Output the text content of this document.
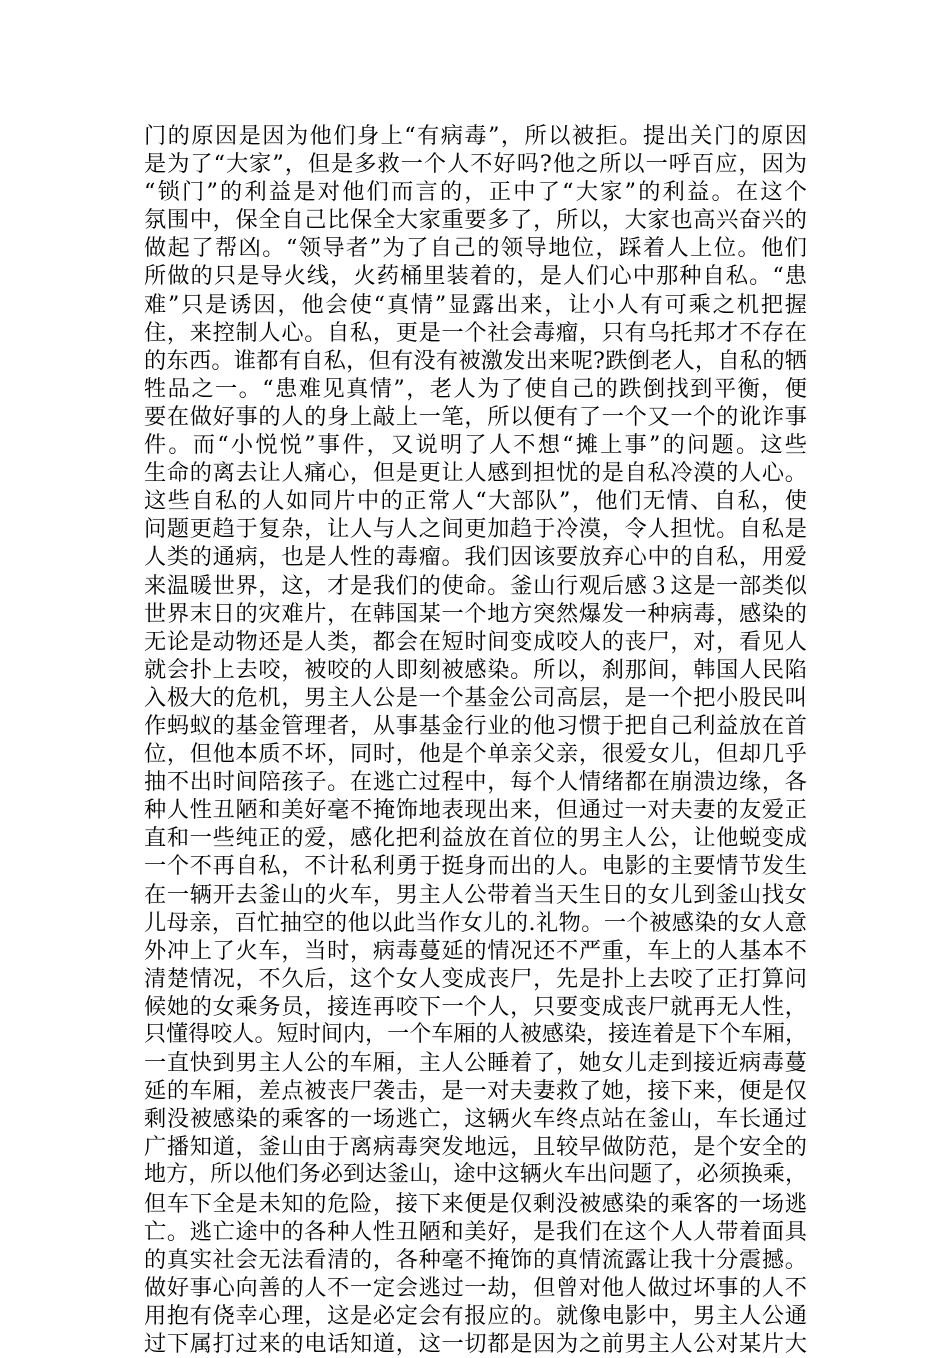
门的原因是因为他们身上“有病毒”，所以被拒。提出关门的原因
是为了“大家”，但是多救一个人不好吗?他之所以一呼百应，因为
“锁门”的利益是对他们而言的，正中了“大家”的利益。在这个
氛围中，保全自己比保全大家重要多了，所以，大家也高兴奋兴的
做起了帮凶。“领导者”为了自己的领导地位，踩着人上位。他们
所做的只是导火线，火药桶里装着的，是人们心中那种自私。“患
难”只是诱因，他会使“真情”显露出来，让小人有可乘之机把握
住，来控制人心。自私，更是一个社会毒瘤，只有乌托邦才不存在
的东西。谁都有自私，但有没有被激发出来呢?跌倒老人，自私的牺
牲品之一。“患难见真情”，老人为了使自己的跌倒找到平衡，便
要在做好事的人的身上敲上一笔，所以便有了一个又一个的讹诈事
件。而“小悦悦”事件，又说明了人不想“摊上事”的问题。这些
生命的离去让人痛心，但是更让人感到担忧的是自私冷漠的人心。
这些自私的人如同片中的正常人“大部队”，他们无情、自私，使
问题更趋于复杂，让人与人之间更加趋于冷漠，令人担忧。自私是
人类的通病，也是人性的毒瘤。我们因该要放弃心中的自私，用爱
来温暖世界，这，才是我们的使命。釜山行观后感３这是一部类似
世界末日的灾难片，在韩国某一个地方突然爆发一种病毒，感染的
无论是动物还是人类，都会在短时间变成咬人的丧尸，对，看见人
就会扑上去咬，被咬的人即刻被感染。所以，刹那间，韩国人民陷
入极大的危机，男主人公是一个基金公司高层，是一个把小股民叫
作蚂蚁的基金管理者，从事基金行业的他习惯于把自己利益放在首
位，但他本质不坏，同时，他是个单亲父亲，很爱女儿，但却几乎
抽不出时间陪孩子。在逃亡过程中，每个人情绪都在崩溃边缘，各
种人性丑陋和美好毫不掩饰地表现出来，但通过一对夫妻的友爱正
直和一些纯正的爱，感化把利益放在首位的男主人公，让他蜕变成
一个不再自私，不计私利勇于挺身而出的人。电影的主要情节发生
在一辆开去釜山的火车，男主人公带着当天生日的女儿到釜山找女
儿母亲，百忙抽空的他以此当作女儿的.礼物。一个被感染的女人意
外冲上了火车，当时，病毒蔓延的情况还不严重，车上的人基本不
清楚情况，不久后，这个女人变成丧尸，先是扑上去咬了正打算问
候她的女乘务员，接连再咬下一个人，只要变成丧尸就再无人性，
只懂得咬人。短时间内，一个车厢的人被感染，接连着是下个车厢，
一直快到男主人公的车厢，主人公睡着了，她女儿走到接近病毒蔓
延的车厢，差点被丧尸袭击，是一对夫妻救了她，接下来，便是仅
剩没被感染的乘客的一场逃亡，这辆火车终点站在釜山，车长通过
广播知道，釜山由于离病毒突发地远，且较早做防范，是个安全的
地方，所以他们务必到达釜山，途中这辆火车出问题了，必须换乘，
但车下全是未知的危险，接下来便是仅剩没被感染的乘客的一场逃
亡。逃亡途中的各种人性丑陋和美好，是我们在这个人人带着面具
的真实社会无法看清的，各种毫不掩饰的真情流露让我十分震撼。
做好事心向善的人不一定会逃过一劫，但曾对他人做过坏事的人不
用抱有侥幸心理，这是必定会有报应的。就像电影中，男主人公通
过下属打过来的电话知道，这一切都是因为之前男主人公对某片大
